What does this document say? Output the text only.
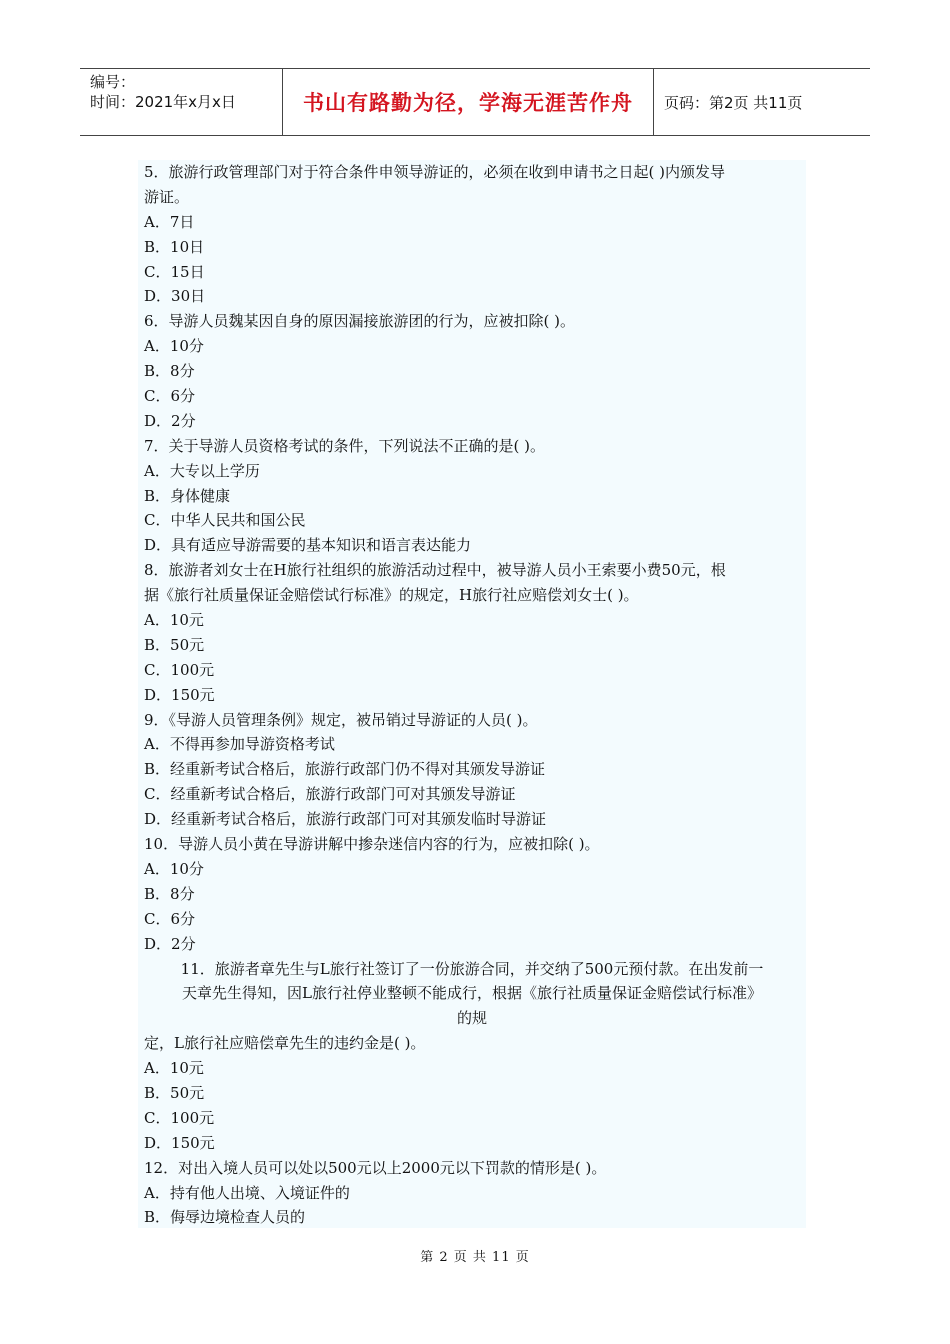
编号：
时间：2021年x月x日	书山有路勤为径，学海无涯苦作舟	页码：第2页 共11页
5．旅游行政管理部门对于符合条件申领导游证的，必须在收到申请书之日起( )内颁发导
游证。
A．7日
B．10日
C．15日
D．30日
6．导游人员魏某因自身的原因漏接旅游团的行为，应被扣除( )。
A．10分
B．8分
C．6分
D．2分
7．关于导游人员资格考试的条件，下列说法不正确的是( )。
A．大专以上学历
B．身体健康
C．中华人民共和国公民
D．具有适应导游需要的基本知识和语言表达能力
8．旅游者刘女士在H旅行社组织的旅游活动过程中，被导游人员小王索要小费50元，根
据《旅行社质量保证金赔偿试行标准》的规定，H旅行社应赔偿刘女士( )。
A．10元
B．50元
C．100元
D．150元
9．《导游人员管理条例》规定，被吊销过导游证的人员( )。
A．不得再参加导游资格考试
B．经重新考试合格后，旅游行政部门仍不得对其颁发导游证
C．经重新考试合格后，旅游行政部门可对其颁发导游证
D．经重新考试合格后，旅游行政部门可对其颁发临时导游证
10．导游人员小黄在导游讲解中掺杂迷信内容的行为，应被扣除( )。
A．10分
B．8分
C．6分
D．2分
11．旅游者章先生与L旅行社签订了一份旅游合同，并交纳了500元预付款。在出发前一
天章先生得知，因L旅行社停业整顿不能成行，根据《旅行社质量保证金赔偿试行标准》
的规
定，L旅行社应赔偿章先生的违约金是( )。
A．10元
B．50元
C．100元
D．150元
12．对出入境人员可以处以500元以上2000元以下罚款的情形是( )。
A．持有他人出境、入境证件的
B．侮辱边境检查人员的
第 2 页 共 11 页
